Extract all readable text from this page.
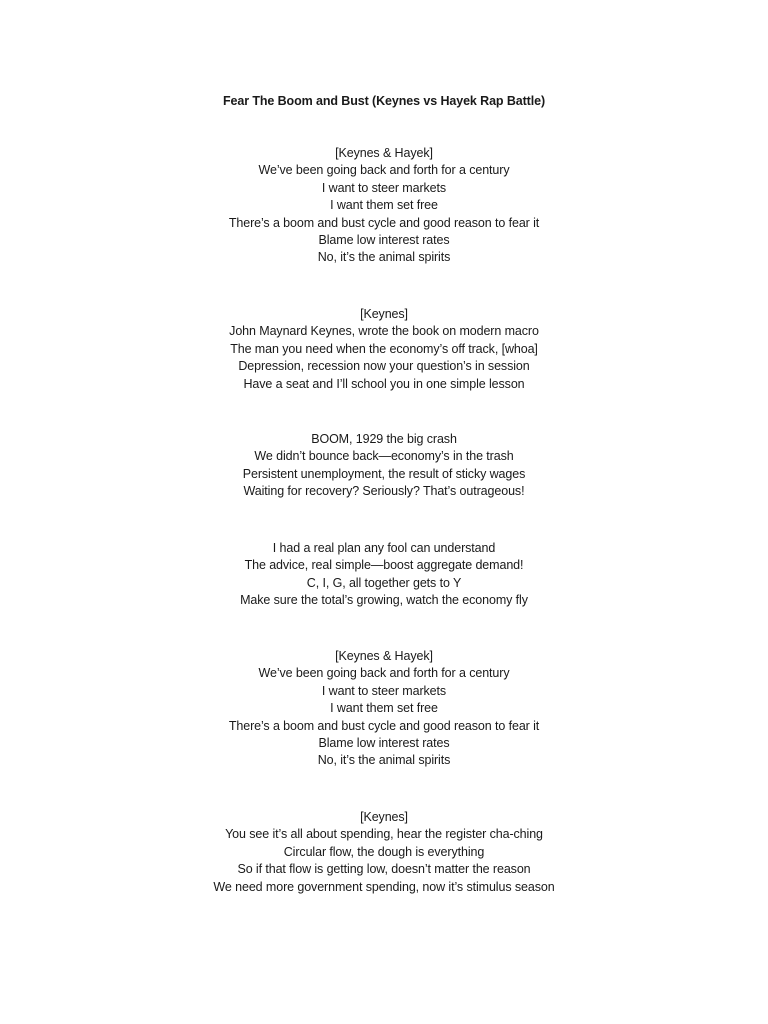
Fear The Boom and Bust (Keynes vs Hayek Rap Battle)
[Keynes & Hayek]
We’ve been going back and forth for a century
I want to steer markets
I want them set free
There’s a boom and bust cycle and good reason to fear it
Blame low interest rates
No, it’s the animal spirits
[Keynes]
John Maynard Keynes, wrote the book on modern macro
The man you need when the economy’s off track, [whoa]
Depression, recession now your question’s in session
Have a seat and I’ll school you in one simple lesson
BOOM, 1929 the big crash
We didn’t bounce back—economy’s in the trash
Persistent unemployment, the result of sticky wages
Waiting for recovery? Seriously? That’s outrageous!
I had a real plan any fool can understand
The advice, real simple—boost aggregate demand!
C, I, G, all together gets to Y
Make sure the total’s growing, watch the economy fly
[Keynes & Hayek]
We’ve been going back and forth for a century
I want to steer markets
I want them set free
There’s a boom and bust cycle and good reason to fear it
Blame low interest rates
No, it’s the animal spirits
[Keynes]
You see it’s all about spending, hear the register cha-ching
Circular flow, the dough is everything
So if that flow is getting low, doesn’t matter the reason
We need more government spending, now it’s stimulus season
